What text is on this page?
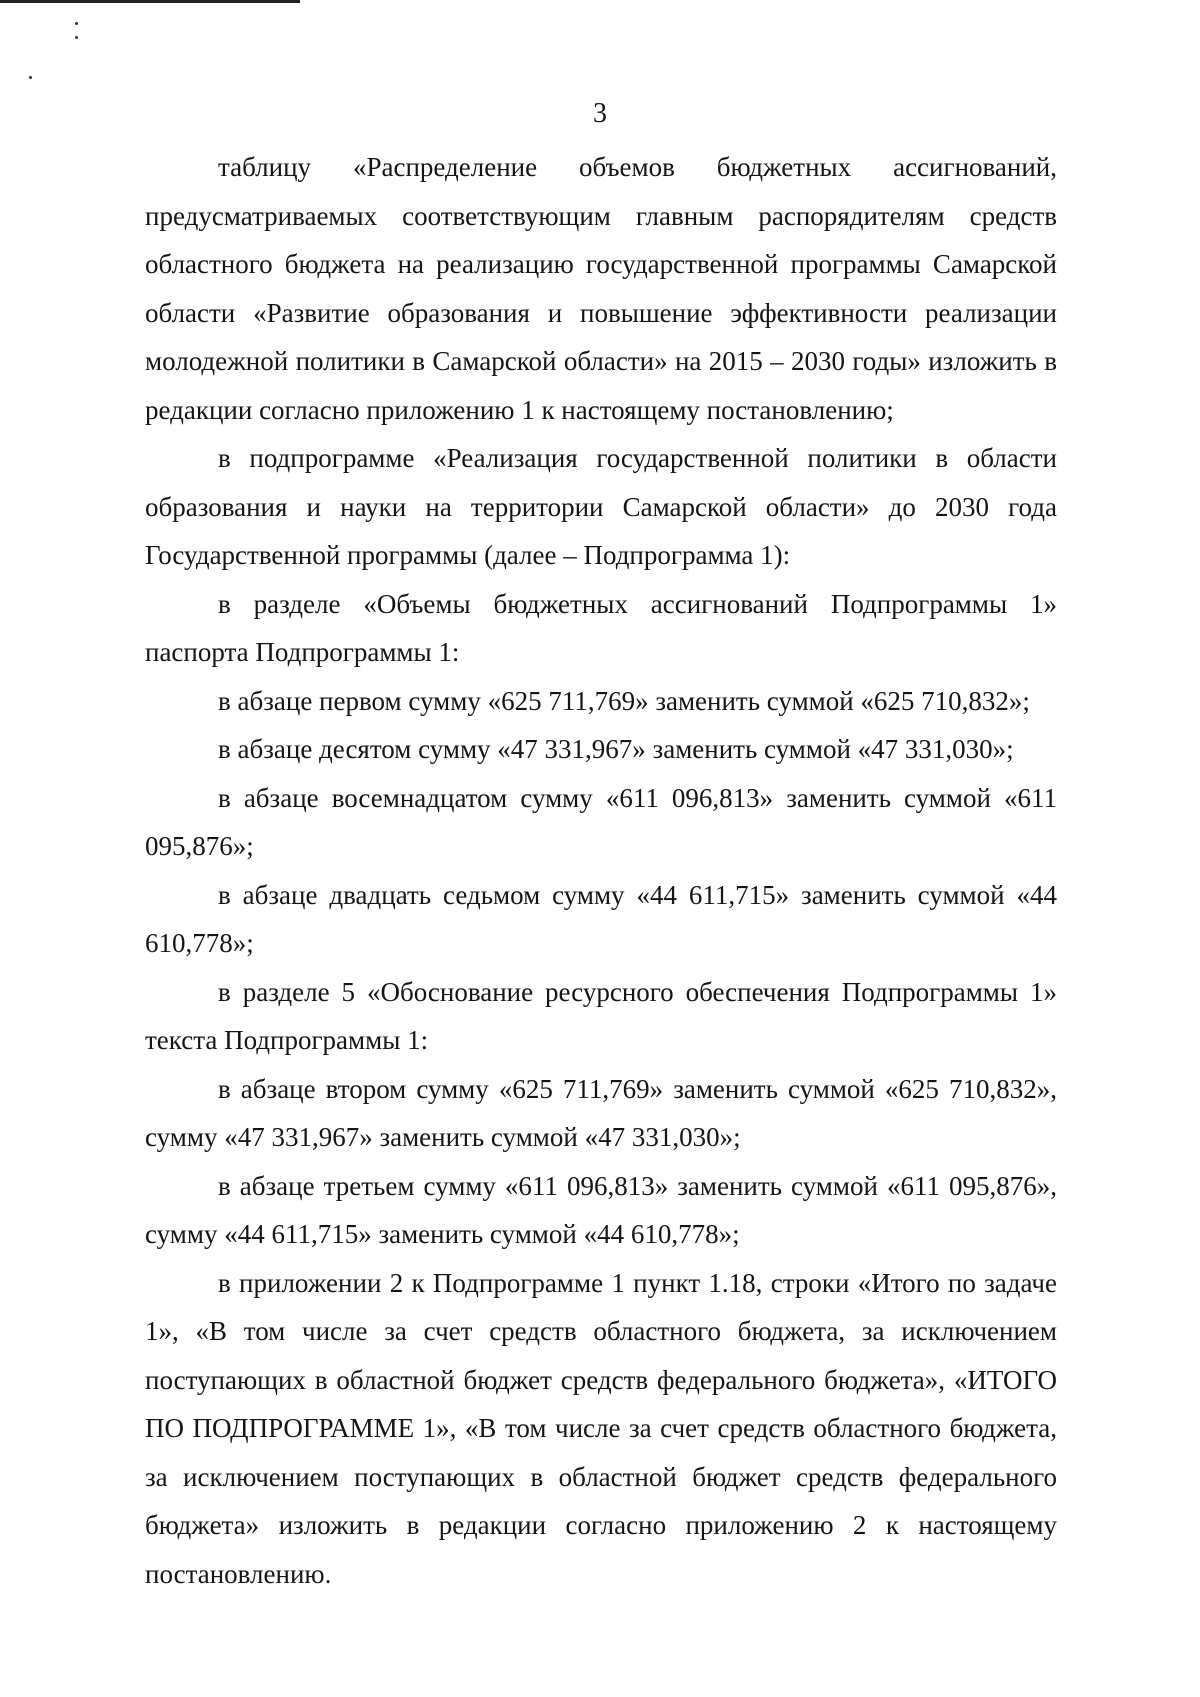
3

таблицу «Распределение объемов бюджетных ассигнований, предусматриваемых соответствующим главным распорядителям средств областного бюджета на реализацию государственной программы Самарской области «Развитие образования и повышение эффективности реализации молодежной политики в Самарской области» на 2015 – 2030 годы» изложить в редакции согласно приложению 1 к настоящему постановлению;

в подпрограмме «Реализация государственной политики в области образования и науки на территории Самарской области» до 2030 года Государственной программы (далее – Подпрограмма 1):

в разделе «Объемы бюджетных ассигнований Подпрограммы 1» паспорта Подпрограммы 1:

в абзаце первом сумму «625 711,769» заменить суммой «625 710,832»;

в абзаце десятом сумму «47 331,967» заменить суммой «47 331,030»;

в абзаце восемнадцатом сумму «611 096,813» заменить суммой «611 095,876»;

в абзаце двадцать седьмом сумму «44 611,715» заменить суммой «44 610,778»;

в разделе 5 «Обоснование ресурсного обеспечения Подпрограммы 1» текста Подпрограммы 1:

в абзаце втором сумму «625 711,769» заменить суммой «625 710,832», сумму «47 331,967» заменить суммой «47 331,030»;

в абзаце третьем сумму «611 096,813» заменить суммой «611 095,876», сумму «44 611,715» заменить суммой «44 610,778»;

в приложении 2 к Подпрограмме 1 пункт 1.18, строки «Итого по задаче 1», «В том числе за счет средств областного бюджета, за исключением поступающих в областной бюджет средств федерального бюджета», «ИТОГО ПО ПОДПРОГРАММЕ 1», «В том числе за счет средств областного бюджета, за исключением поступающих в областной бюджет средств федерального бюджета» изложить в редакции согласно приложению 2 к настоящему постановлению.
